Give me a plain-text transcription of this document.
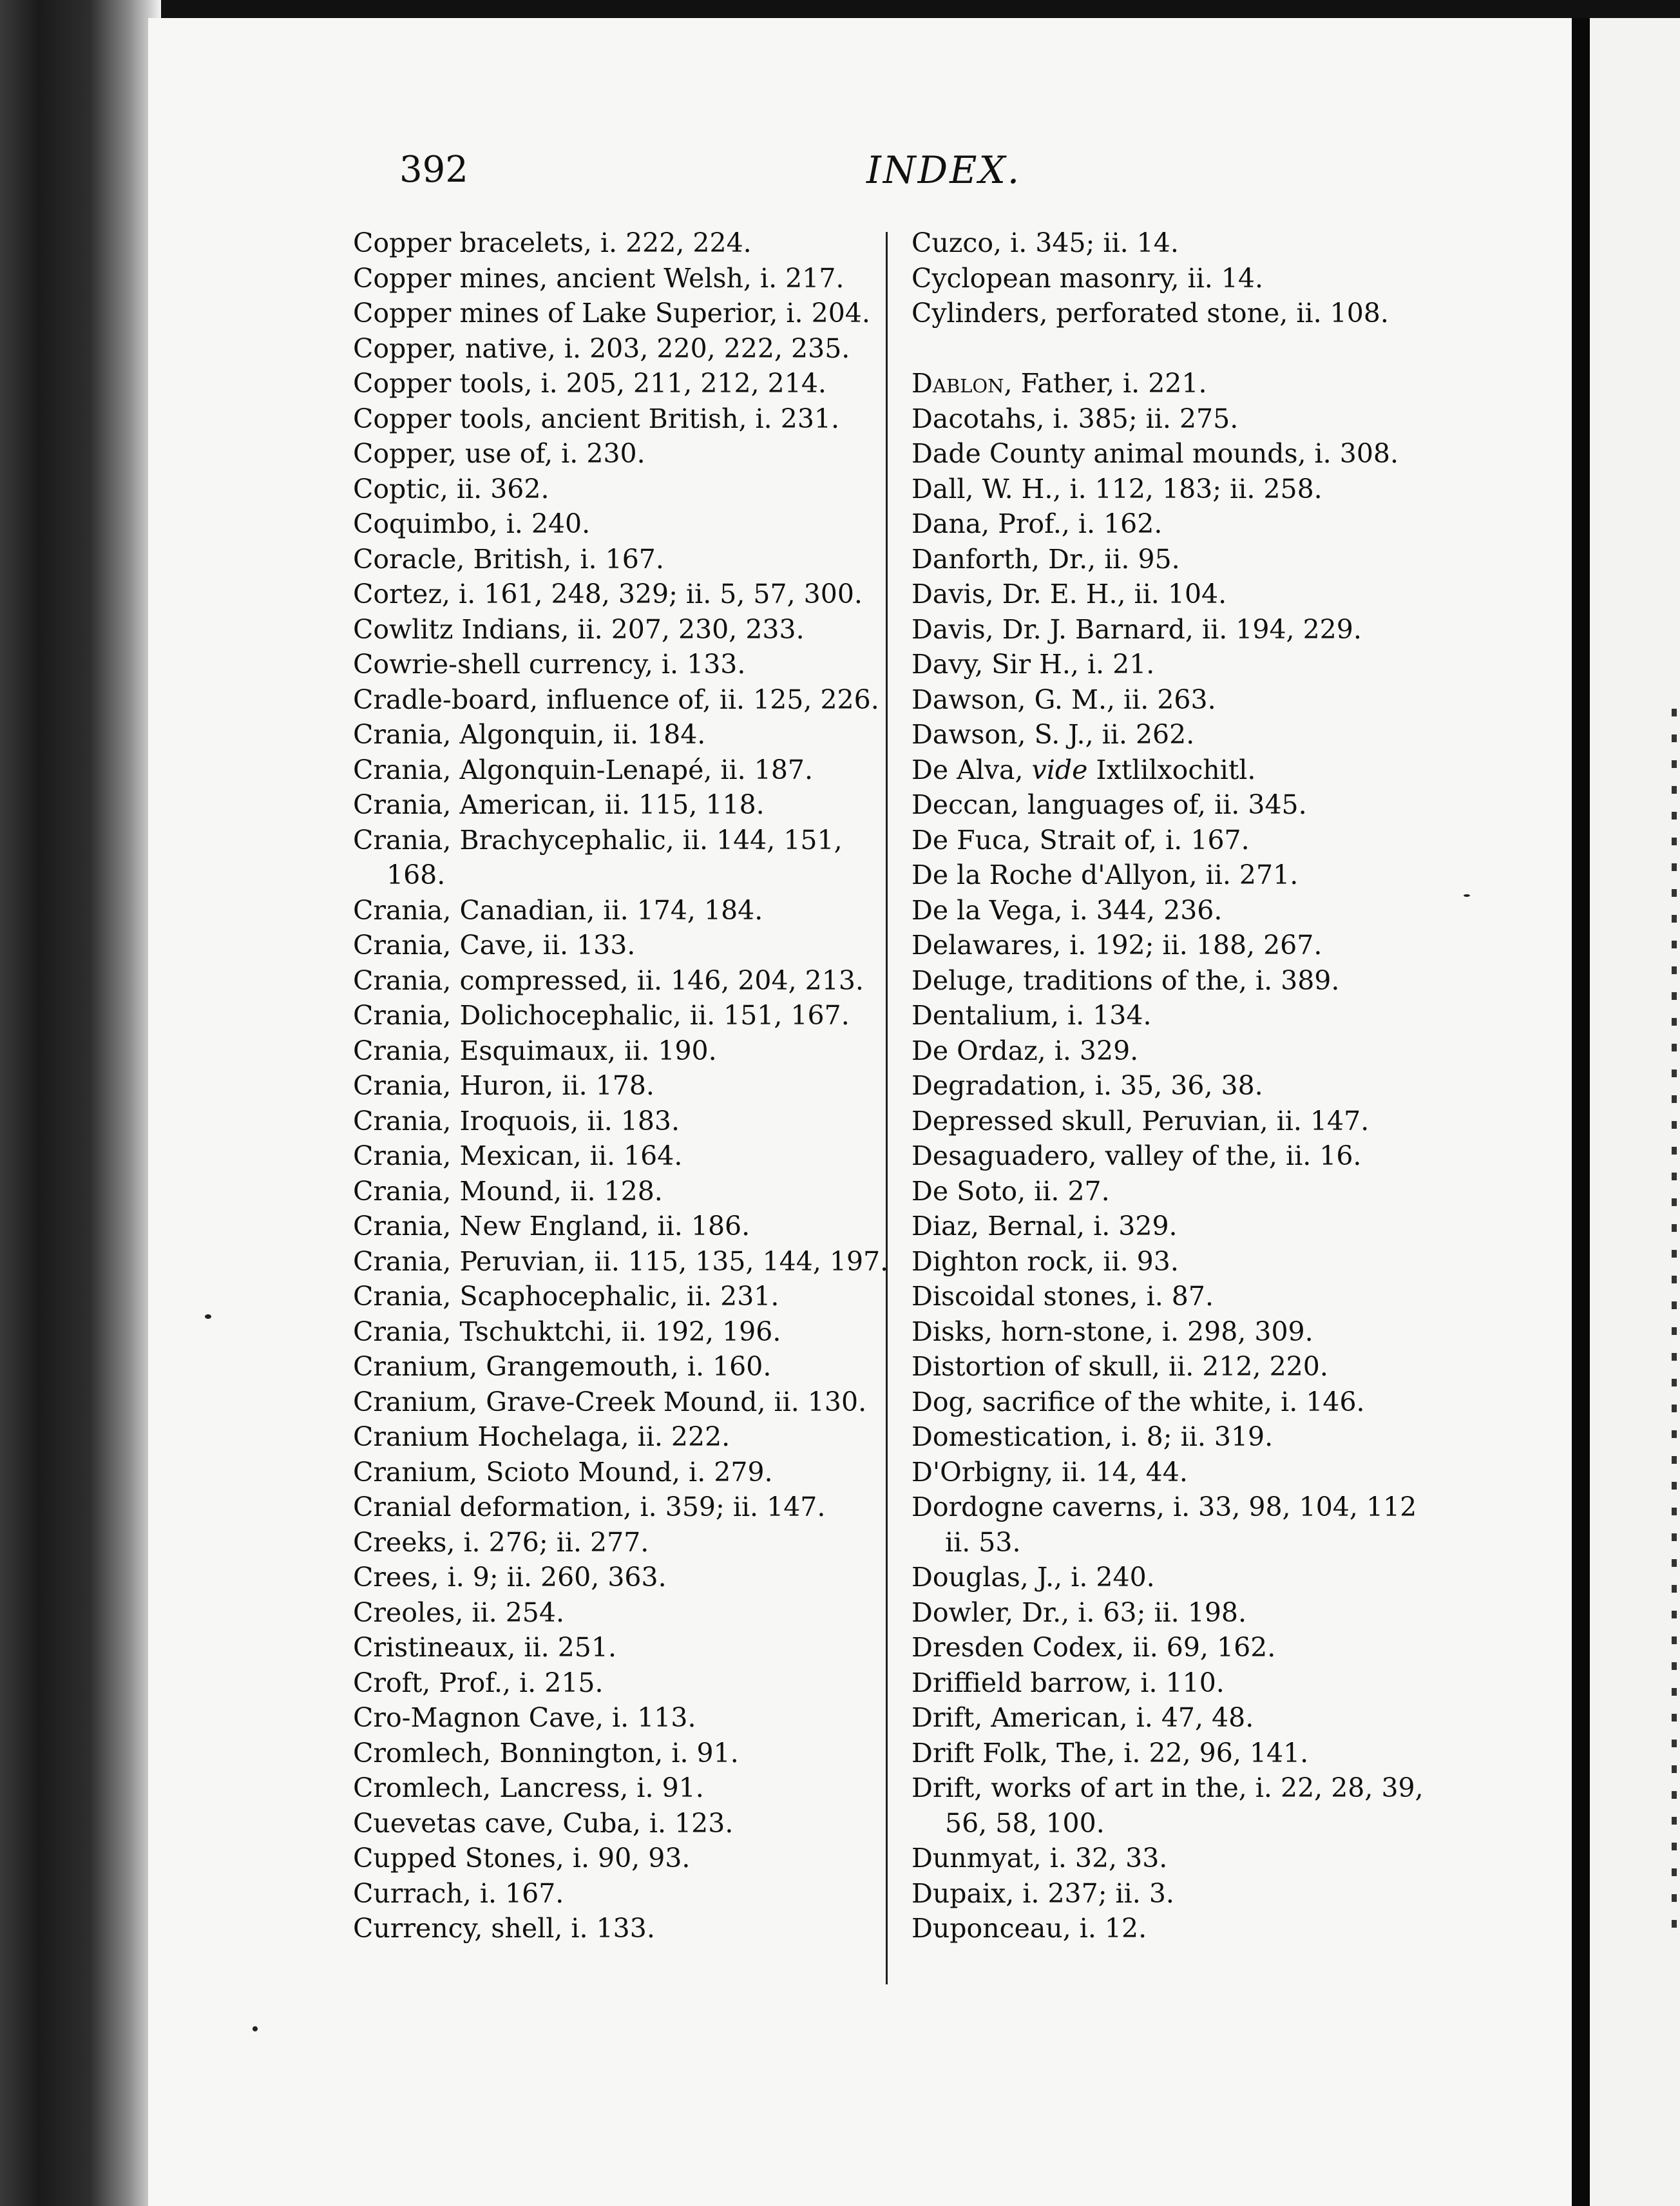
392	INDEX.
Copper bracelets, i. 222, 224.
Copper mines, ancient Welsh, i. 217.
Copper mines of Lake Superior, i. 204.
Copper, native, i. 203, 220, 222, 235.
Copper tools, i. 205, 211, 212, 214.
Copper tools, ancient British, i. 231.
Copper, use of, i. 230.
Coptic, ii. 362.
Coquimbo, i. 240.
Coracle, British, i. 167.
Cortez, i. 161, 248, 329; ii. 5, 57, 300.
Cowlitz Indians, ii. 207, 230, 233.
Cowrie-shell currency, i. 133.
Cradle-board, influence of, ii. 125, 226.
Crania, Algonquin, ii. 184.
Crania, Algonquin-Lenapé, ii. 187.
Crania, American, ii. 115, 118.
Crania, Brachycephalic, ii. 144, 151, 168.
Crania, Canadian, ii. 174, 184.
Crania, Cave, ii. 133.
Crania, compressed, ii. 146, 204, 213.
Crania, Dolichocephalic, ii. 151, 167.
Crania, Esquimaux, ii. 190.
Crania, Huron, ii. 178.
Crania, Iroquois, ii. 183.
Crania, Mexican, ii. 164.
Crania, Mound, ii. 128.
Crania, New England, ii. 186.
Crania, Peruvian, ii. 115, 135, 144, 197.
Crania, Scaphocephalic, ii. 231.
Crania, Tschuktchi, ii. 192, 196.
Cranium, Grangemouth, i. 160.
Cranium, Grave-Creek Mound, ii. 130.
Cranium Hochelaga, ii. 222.
Cranium, Scioto Mound, i. 279.
Cranial deformation, i. 359; ii. 147.
Creeks, i. 276; ii. 277.
Crees, i. 9; ii. 260, 363.
Creoles, ii. 254.
Cristineaux, ii. 251.
Croft, Prof., i. 215.
Cro-Magnon Cave, i. 113.
Cromlech, Bonnington, i. 91.
Cromlech, Lancress, i. 91.
Cuevetas cave, Cuba, i. 123.
Cupped Stones, i. 90, 93.
Currach, i. 167.
Currency, shell, i. 133.
Cuzco, i. 345; ii. 14.
Cyclopean masonry, ii. 14.
Cylinders, perforated stone, ii. 108.
Dablon, Father, i. 221.
Dacotahs, i. 385; ii. 275.
Dade County animal mounds, i. 308.
Dall, W. H., i. 112, 183; ii. 258.
Dana, Prof., i. 162.
Danforth, Dr., ii. 95.
Davis, Dr. E. H., ii. 104.
Davis, Dr. J. Barnard, ii. 194, 229.
Davy, Sir H., i. 21.
Dawson, G. M., ii. 263.
Dawson, S. J., ii. 262.
De Alva, vide Ixtlilxochitl.
Deccan, languages of, ii. 345.
De Fuca, Strait of, i. 167.
De la Roche d'Allyon, ii. 271.
De la Vega, i. 344, 236.
Delawares, i. 192; ii. 188, 267.
Deluge, traditions of the, i. 389.
Dentalium, i. 134.
De Ordaz, i. 329.
Degradation, i. 35, 36, 38.
Depressed skull, Peruvian, ii. 147.
Desaguadero, valley of the, ii. 16.
De Soto, ii. 27.
Diaz, Bernal, i. 329.
Dighton rock, ii. 93.
Discoidal stones, i. 87.
Disks, horn-stone, i. 298, 309.
Distortion of skull, ii. 212, 220.
Dog, sacrifice of the white, i. 146.
Domestication, i. 8; ii. 319.
D'Orbigny, ii. 14, 44.
Dordogne caverns, i. 33, 98, 104, 112 ii. 53.
Douglas, J., i. 240.
Dowler, Dr., i. 63; ii. 198.
Dresden Codex, ii. 69, 162.
Driffield barrow, i. 110.
Drift, American, i. 47, 48.
Drift Folk, The, i. 22, 96, 141.
Drift, works of art in the, i. 22, 28, 39, 56, 58, 100.
Dunmyat, i. 32, 33.
Dupaix, i. 237; ii. 3.
Duponceau, i. 12.
